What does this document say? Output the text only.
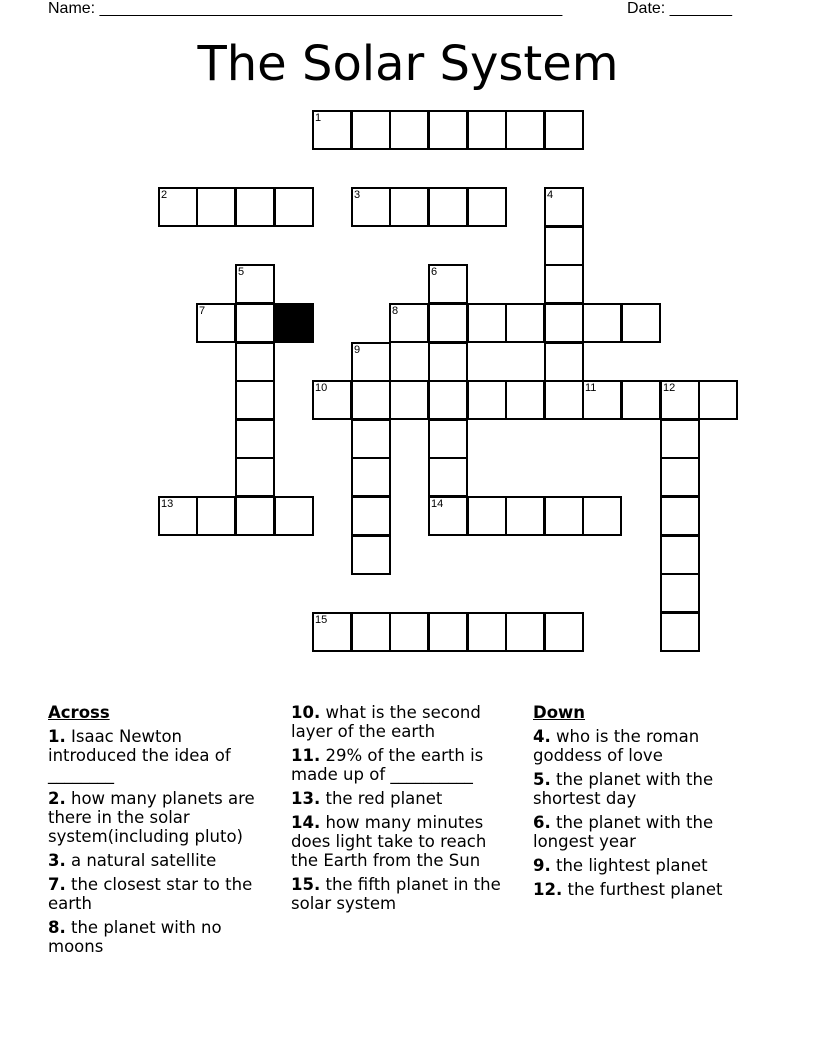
Name: ____________________________________________________	Date: _______
The Solar System
1
2	3	4
5	6
14
7	8
9
10	11	12
13
15
Across
1. Isaac Newton introduced the idea of ________
2. how many planets are there in the solar system(including pluto)
3. a natural satellite
7. the closest star to the earth
8. the planet with no moons
10. what is the second layer of the earth
11. 29% of the earth is made up of __________
13. the red planet
14. how many minutes does light take to reach the Earth from the Sun
15. the fifth planet in the solar system
Down
4. who is the roman goddess of love
5. the planet with the shortest day
6. the planet with the longest year
9. the lightest planet
12. the furthest planet
